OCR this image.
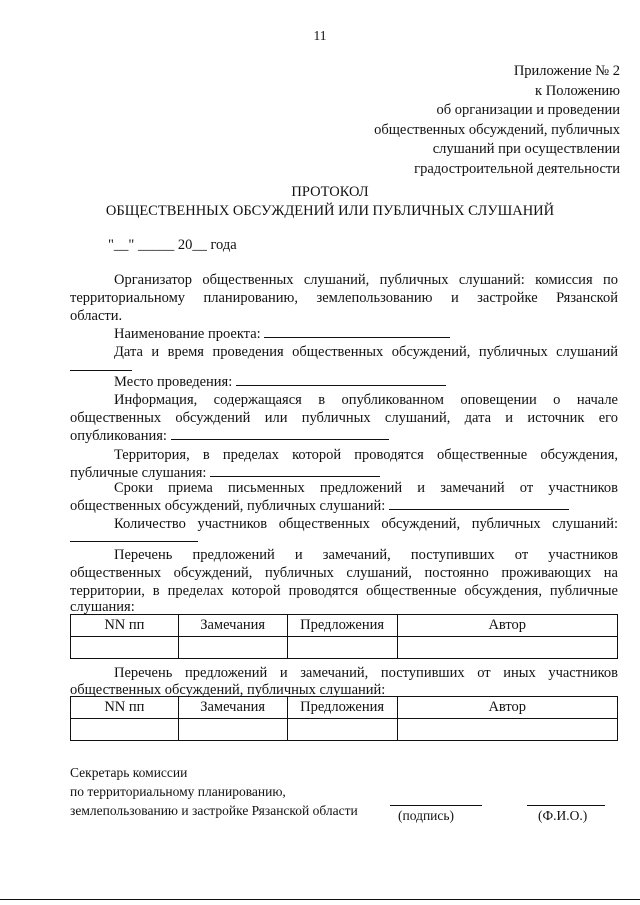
11
Приложение № 2
к Положению
об организации и проведении
общественных обсуждений, публичных
слушаний при осуществлении
градостроительной деятельности
ПРОТОКОЛ
ОБЩЕСТВЕННЫХ ОБСУЖДЕНИЙ ИЛИ ПУБЛИЧНЫХ СЛУШАНИЙ
"__" _____ 20__ года
Организатор общественных слушаний, публичных слушаний: комиссия по
территориальному планированию, землепользованию и застройке Рязанской
области.
Наименование проекта:
Дата и время проведения общественных обсуждений, публичных слушаний
Место проведения:
Информация, содержащаяся в опубликованном оповещении о начале
общественных обсуждений или публичных слушаний, дата и источник его
опубликования:
Территория, в пределах которой проводятся общественные обсуждения,
публичные слушания:
Сроки приема письменных предложений и замечаний от участников
общественных обсуждений, публичных слушаний:
Количество участников общественных обсуждений, публичных слушаний:
Перечень предложений и замечаний, поступивших от участников
общественных обсуждений, публичных слушаний, постоянно проживающих на
территории, в пределах которой проводятся общественные обсуждения, публичные
слушания:
NN пп	Замечания	Предложения	Автор

Перечень предложений и замечаний, поступивших от иных участников
общественных обсуждений, публичных слушаний:
NN пп	Замечания	Предложения	Автор

Секретарь комиссии
по территориальному планированию,
землепользованию и застройке Рязанской области	(подпись)	(Ф.И.О.)
